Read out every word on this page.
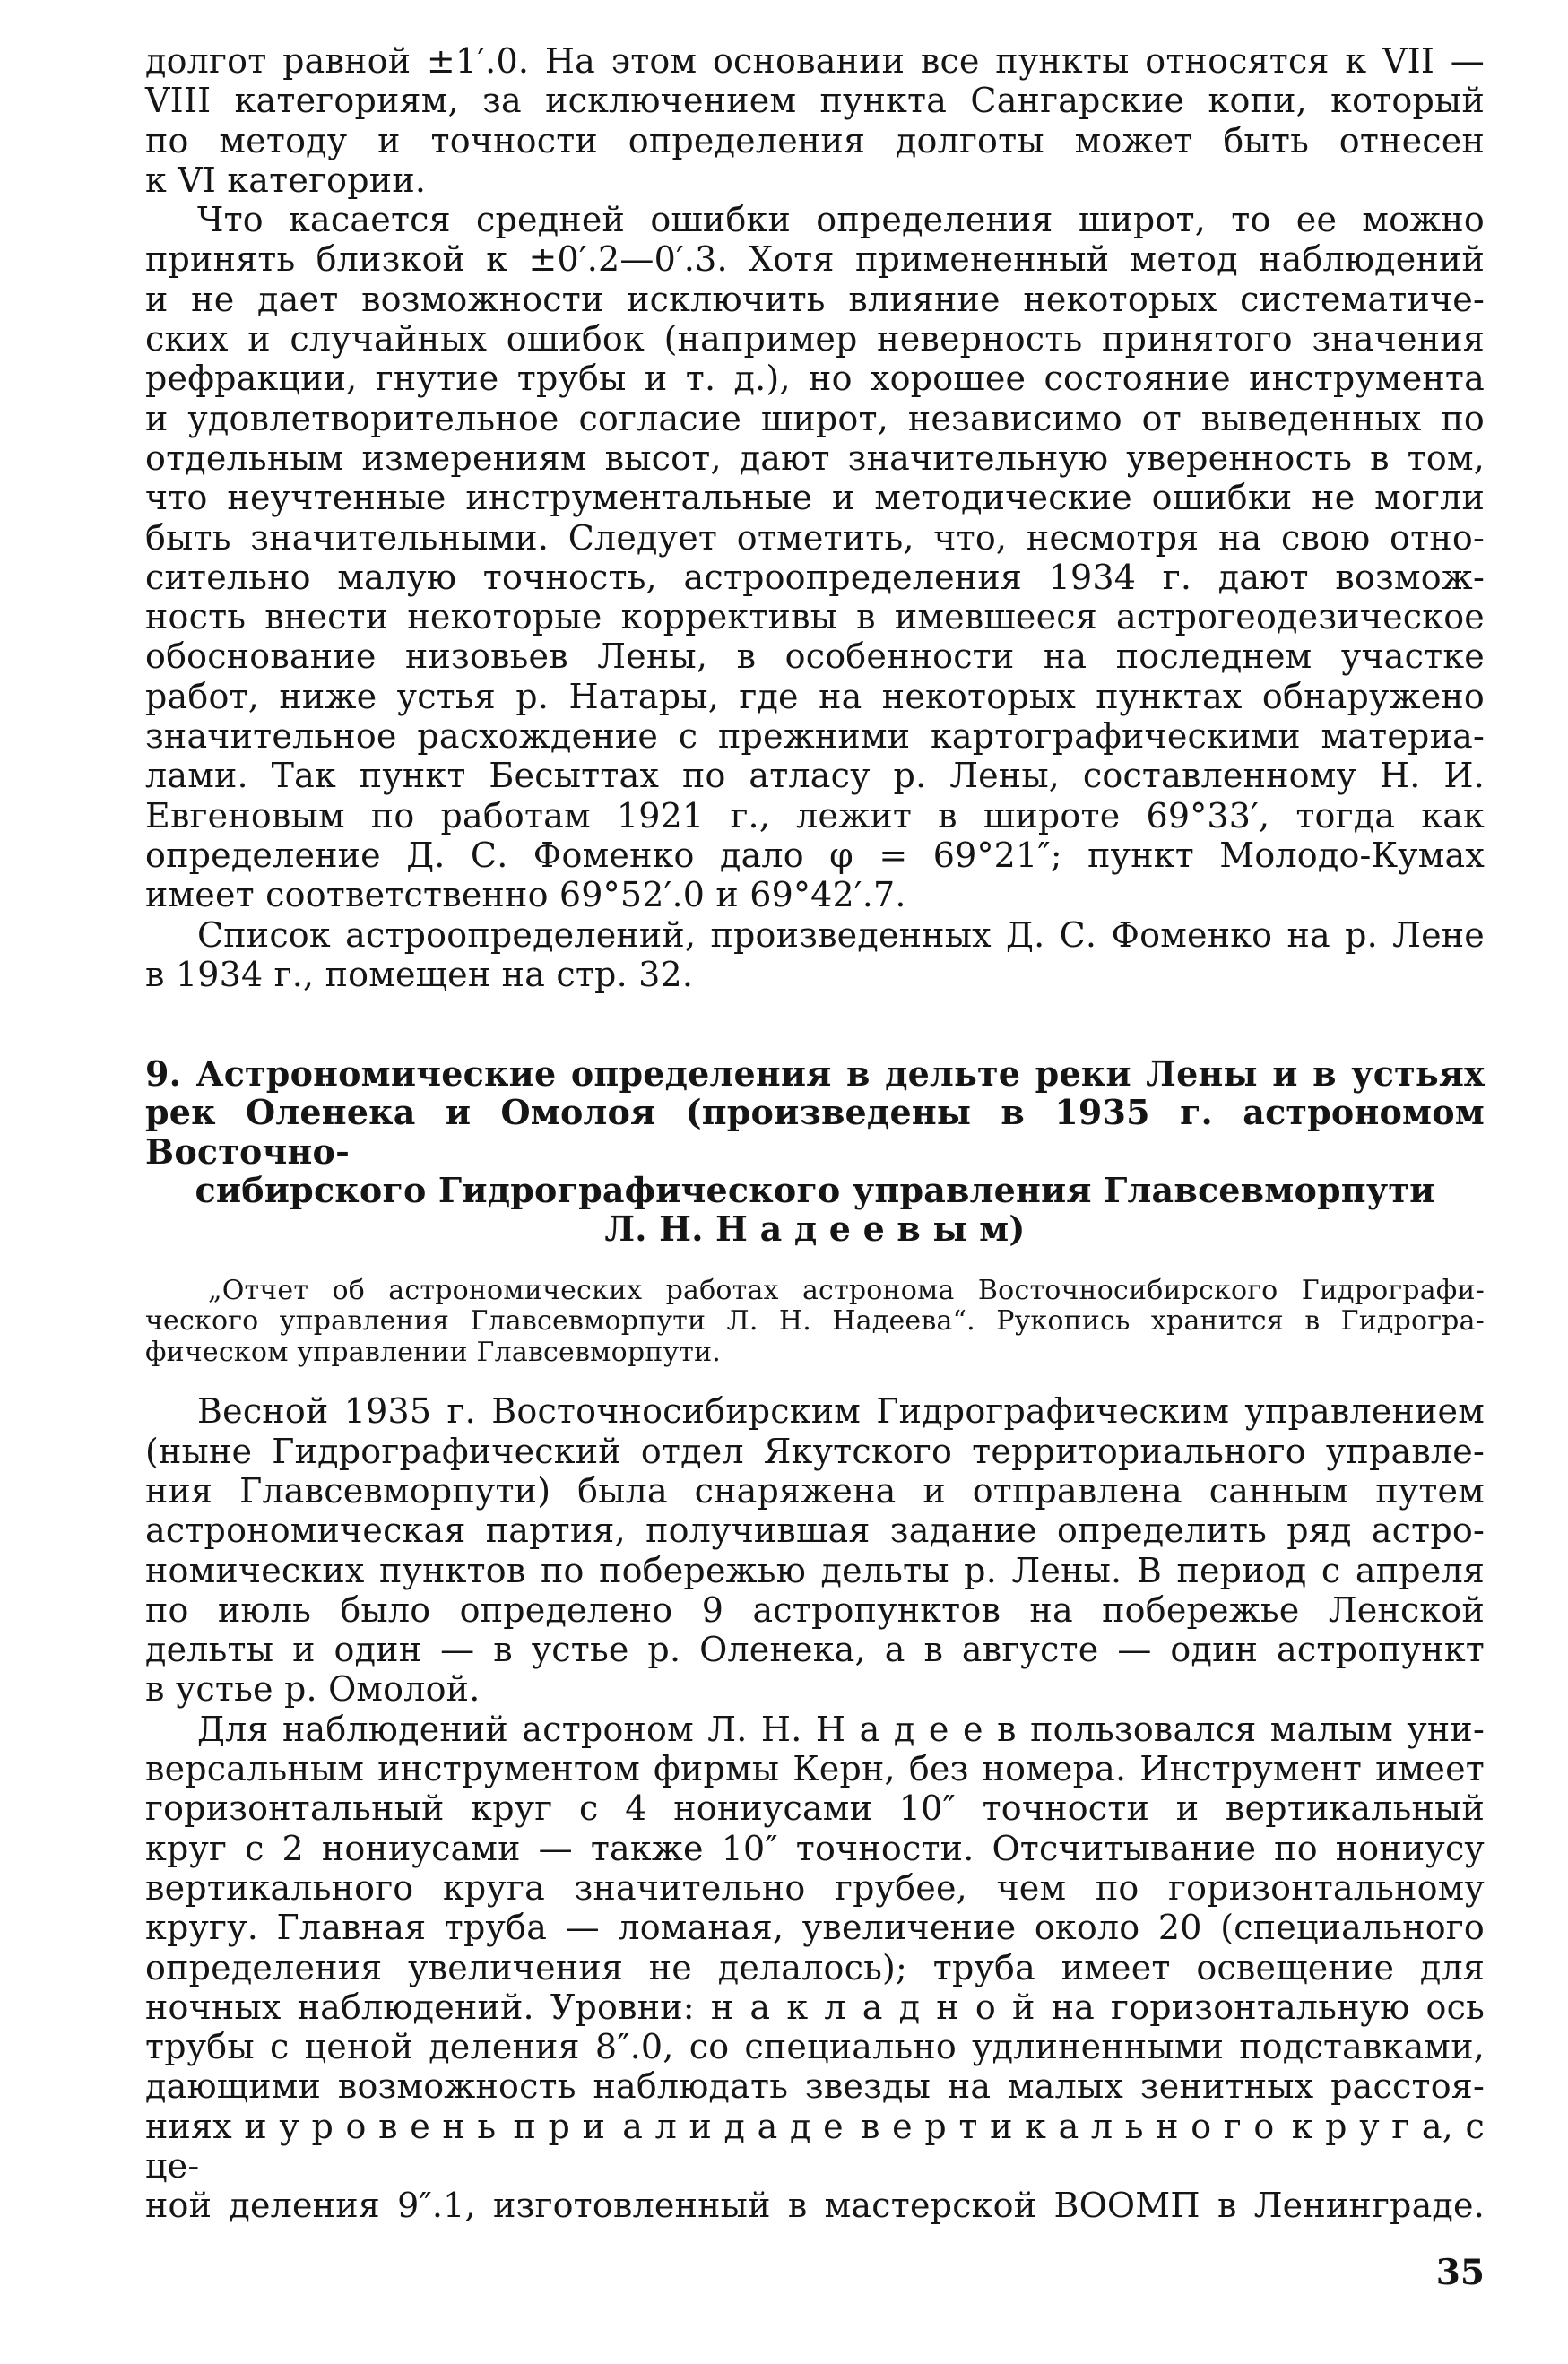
долгот равной ±1′.0. На этом основании все пункты относятся к VII —
VIII категориям, за исключением пункта Сангарские копи, который
по методу и точности определения долготы может быть отнесен
к VI категории.
Что касается средней ошибки определения широт, то ее можно
принять близкой к ±0′.2—0′.3. Хотя примененный метод наблюдений
и не дает возможности исключить влияние некоторых систематиче-
ских и случайных ошибок (например неверность принятого значения
рефракции, гнутие трубы и т. д.), но хорошее состояние инструмента
и удовлетворительное согласие широт, независимо от выведенных по
отдельным измерениям высот, дают значительную уверенность в том,
что неучтенные инструментальные и методические ошибки не могли
быть значительными. Следует отметить, что, несмотря на свою отно-
сительно малую точность, астроопределения 1934 г. дают возмож-
ность внести некоторые коррективы в имевшееся астрогеодезическое
обоснование низовьев Лены, в особенности на последнем участке
работ, ниже устья р. Натары, где на некоторых пунктах обнаружено
значительное расхождение с прежними картографическими материа-
лами. Так пункт Бесыттах по атласу р. Лены, составленному Н. И.
Евгеновым по работам 1921 г., лежит в широте 69°33′, тогда как
определение Д. С. Фоменко дало φ = 69°21″; пункт Молодо-Кумах
имеет соответственно 69°52′.0 и 69°42′.7.
Список астроопределений, произведенных Д. С. Фоменко на р. Лене
в 1934 г., помещен на стр. 32.
9. Астрономические определения в дельте реки Лены и в устьях
рек Оленека и Омолоя (произведены в 1935 г. астрономом Восточно-
сибирского Гидрографического управления Главсевморпути
Л. Н. Н а д е е в ы м)
„Отчет об астрономических работах астронома Восточносибирского Гидрографи-
ческого управления Главсевморпути Л. Н. Надеева“. Рукопись хранится в Гидрогра-
фическом управлении Главсевморпути.
Весной 1935 г. Восточносибирским Гидрографическим управлением
(ныне Гидрографический отдел Якутского территориального управле-
ния Главсевморпути) была снаряжена и отправлена санным путем
астрономическая партия, получившая задание определить ряд астро-
номических пунктов по побережью дельты р. Лены. В период с апреля
по июль было определено 9 астропунктов на побережье Ленской
дельты и один — в устье р. Оленека, а в августе — один астропункт
в устье р. Омолой.
Для наблюдений астроном Л. Н. Н а д е е в пользовался малым уни-
версальным инструментом фирмы Керн, без номера. Инструмент имеет
горизонтальный круг с 4 нониусами 10″ точности и вертикальный
круг с 2 нониусами — также 10″ точности. Отсчитывание по нониусу
вертикального круга значительно грубее, чем по горизонтальному
кругу. Главная труба — ломаная, увеличение около 20 (специального
определения увеличения не делалось); труба имеет освещение для
ночных наблюдений. Уровни: н а к л а д н о й на горизонтальную ось
трубы с ценой деления 8″.0, со специально удлиненными подставками,
дающими возможность наблюдать звезды на малых зенитных расстоя-
ниях и у р о в е н ь п р и а л и д а д е в е р т и к а л ь н о г о к р у г а, с це-
ной деления 9″.1, изготовленный в мастерской ВООМП в Ленинграде.
35
